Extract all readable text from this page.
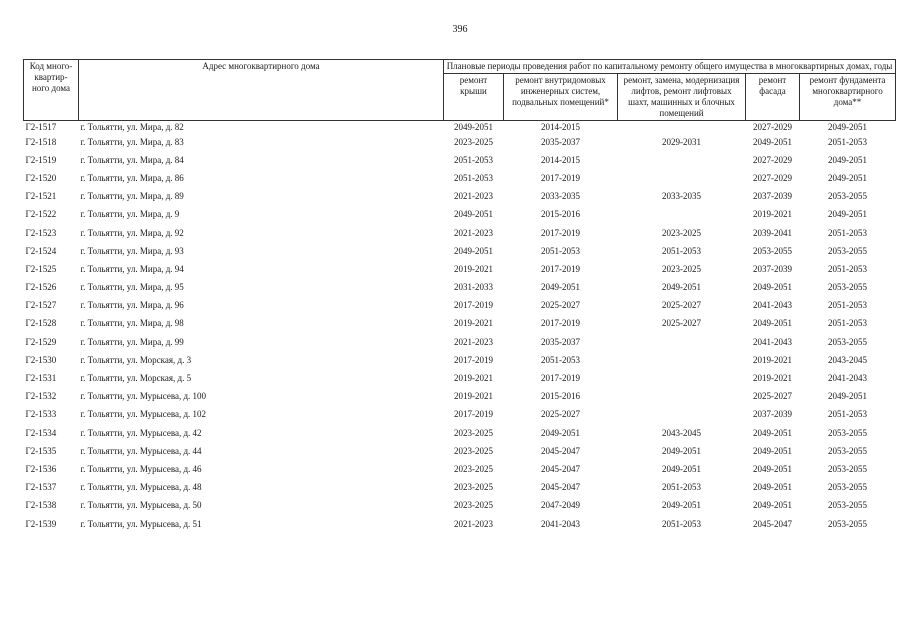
396
Код много-квартир-ного дома	Адрес многоквартирного дома	Плановые периоды проведения работ по капитальному ремонту общего имущества в многоквартирных домах, годы				
		ремонт крыши	ремонт внутридомовых инженерных систем, подвальных помещений*	ремонт, замена, модернизация лифтов, ремонт лифтовых шахт, машинных и блочных помещений	ремонт фасада	ремонт фундамента многоквартирного дома**
Г2-1517	г. Тольятти, ул. Мира, д. 82	2049-2051	2014-2015		2027-2029	2049-2051
Г2-1518	г. Тольятти, ул. Мира, д. 83	2023-2025	2035-2037	2029-2031	2049-2051	2051-2053
Г2-1519	г. Тольятти, ул. Мира, д. 84	2051-2053	2014-2015		2027-2029	2049-2051
Г2-1520	г. Тольятти, ул. Мира, д. 86	2051-2053	2017-2019		2027-2029	2049-2051
Г2-1521	г. Тольятти, ул. Мира, д. 89	2021-2023	2033-2035	2033-2035	2037-2039	2053-2055
Г2-1522	г. Тольятти, ул. Мира, д. 9	2049-2051	2015-2016		2019-2021	2049-2051
Г2-1523	г. Тольятти, ул. Мира, д. 92	2021-2023	2017-2019	2023-2025	2039-2041	2051-2053
Г2-1524	г. Тольятти, ул. Мира, д. 93	2049-2051	2051-2053	2051-2053	2053-2055	2053-2055
Г2-1525	г. Тольятти, ул. Мира, д. 94	2019-2021	2017-2019	2023-2025	2037-2039	2051-2053
Г2-1526	г. Тольятти, ул. Мира, д. 95	2031-2033	2049-2051	2049-2051	2049-2051	2053-2055
Г2-1527	г. Тольятти, ул. Мира, д. 96	2017-2019	2025-2027	2025-2027	2041-2043	2051-2053
Г2-1528	г. Тольятти, ул. Мира, д. 98	2019-2021	2017-2019	2025-2027	2049-2051	2051-2053
Г2-1529	г. Тольятти, ул. Мира, д. 99	2021-2023	2035-2037		2041-2043	2053-2055
Г2-1530	г. Тольятти, ул. Морская, д. 3	2017-2019	2051-2053		2019-2021	2043-2045
Г2-1531	г. Тольятти, ул. Морская, д. 5	2019-2021	2017-2019		2019-2021	2041-2043
Г2-1532	г. Тольятти, ул. Мурысева, д. 100	2019-2021	2015-2016		2025-2027	2049-2051
Г2-1533	г. Тольятти, ул. Мурысева, д. 102	2017-2019	2025-2027		2037-2039	2051-2053
Г2-1534	г. Тольятти, ул. Мурысева, д. 42	2023-2025	2049-2051	2043-2045	2049-2051	2053-2055
Г2-1535	г. Тольятти, ул. Мурысева, д. 44	2023-2025	2045-2047	2049-2051	2049-2051	2053-2055
Г2-1536	г. Тольятти, ул. Мурысева, д. 46	2023-2025	2045-2047	2049-2051	2049-2051	2053-2055
Г2-1537	г. Тольятти, ул. Мурысева, д. 48	2023-2025	2045-2047	2051-2053	2049-2051	2053-2055
Г2-1538	г. Тольятти, ул. Мурысева, д. 50	2023-2025	2047-2049	2049-2051	2049-2051	2053-2055
Г2-1539	г. Тольятти, ул. Мурысева, д. 51	2021-2023	2041-2043	2051-2053	2045-2047	2053-2055
